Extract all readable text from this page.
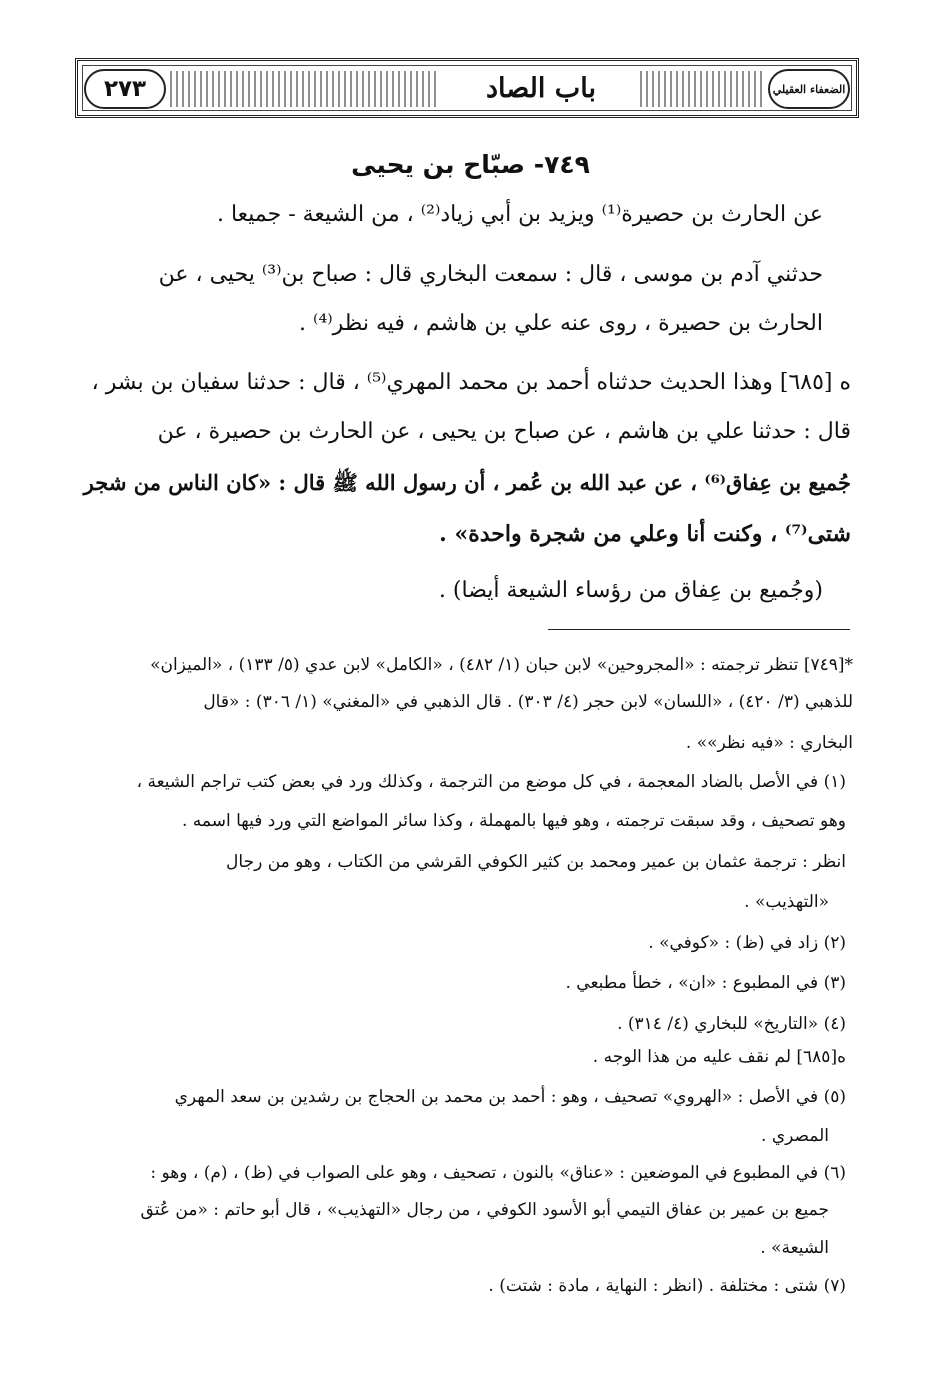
٢٧٣	الضعفاء العقيلي
باب الصاد
٧٤٩- صبّاح بن يحيى
عن الحارث بن حصيرة⁽¹⁾ ويزيد بن أبي زياد⁽²⁾ ، من الشيعة - جميعا .
حدثني آدم بن موسى ، قال : سمعت البخاري قال : صباح بن⁽³⁾ يحيى ، عن
الحارث بن حصيرة ، روى عنه علي بن هاشم ، فيه نظر⁽⁴⁾ .
ه [٦٨٥] وهذا الحديث حدثناه أحمد بن محمد المهري⁽⁵⁾ ، قال : حدثنا سفيان بن بشر ،
قال : حدثنا علي بن هاشم ، عن صباح بن يحيى ، عن الحارث بن حصيرة ، عن
جُميع بن عِفاق⁽⁶⁾ ، عن عبد الله بن عُمر ، أن رسول الله ﷺ قال : «كان الناس من شجر
شتى⁽⁷⁾ ، وكنت أنا وعلي من شجرة واحدة» .
(وجُميع بن عِفاق من رؤساء الشيعة أيضا) .
*[٧٤٩] تنظر ترجمته : «المجروحين» لابن حبان (١/ ٤٨٢) ، «الكامل» لابن عدي (٥/ ١٣٣) ، «الميزان»
للذهبي (٣/ ٤٢٠) ، «اللسان» لابن حجر (٤/ ٣٠٣) . قال الذهبي في «المغني» (١/ ٣٠٦) : «قال
البخاري : «فيه نظر»» .
(١) في الأصل بالضاد المعجمة ، في كل موضع من الترجمة ، وكذلك ورد في بعض كتب تراجم الشيعة ،
وهو تصحيف ، وقد سبقت ترجمته ، وهو فيها بالمهملة ، وكذا سائر المواضع التي ورد فيها اسمه .
انظر : ترجمة عثمان بن عمير ومحمد بن كثير الكوفي القرشي من الكتاب ، وهو من رجال
«التهذيب» .
(٢) زاد في (ظ) : «كوفي» .
(٣) في المطبوع : «ان» ، خطأ مطبعي .
(٤) «التاريخ» للبخاري (٤/ ٣١٤) .
ه[٦٨٥] لم نقف عليه من هذا الوجه .
(٥) في الأصل : «الهروي» تصحيف ، وهو : أحمد بن محمد بن الحجاج بن رشدين بن سعد المهري
المصري .
(٦) في المطبوع في الموضعين : «عناق» بالنون ، تصحيف ، وهو على الصواب في (ظ) ، (م) ، وهو :
جميع بن عمير بن عفاق التيمي أبو الأسود الكوفي ، من رجال «التهذيب» ، قال أبو حاتم : «من عُتق
الشيعة» .
(٧) شتى : مختلفة . (انظر : النهاية ، مادة : شتت) .
